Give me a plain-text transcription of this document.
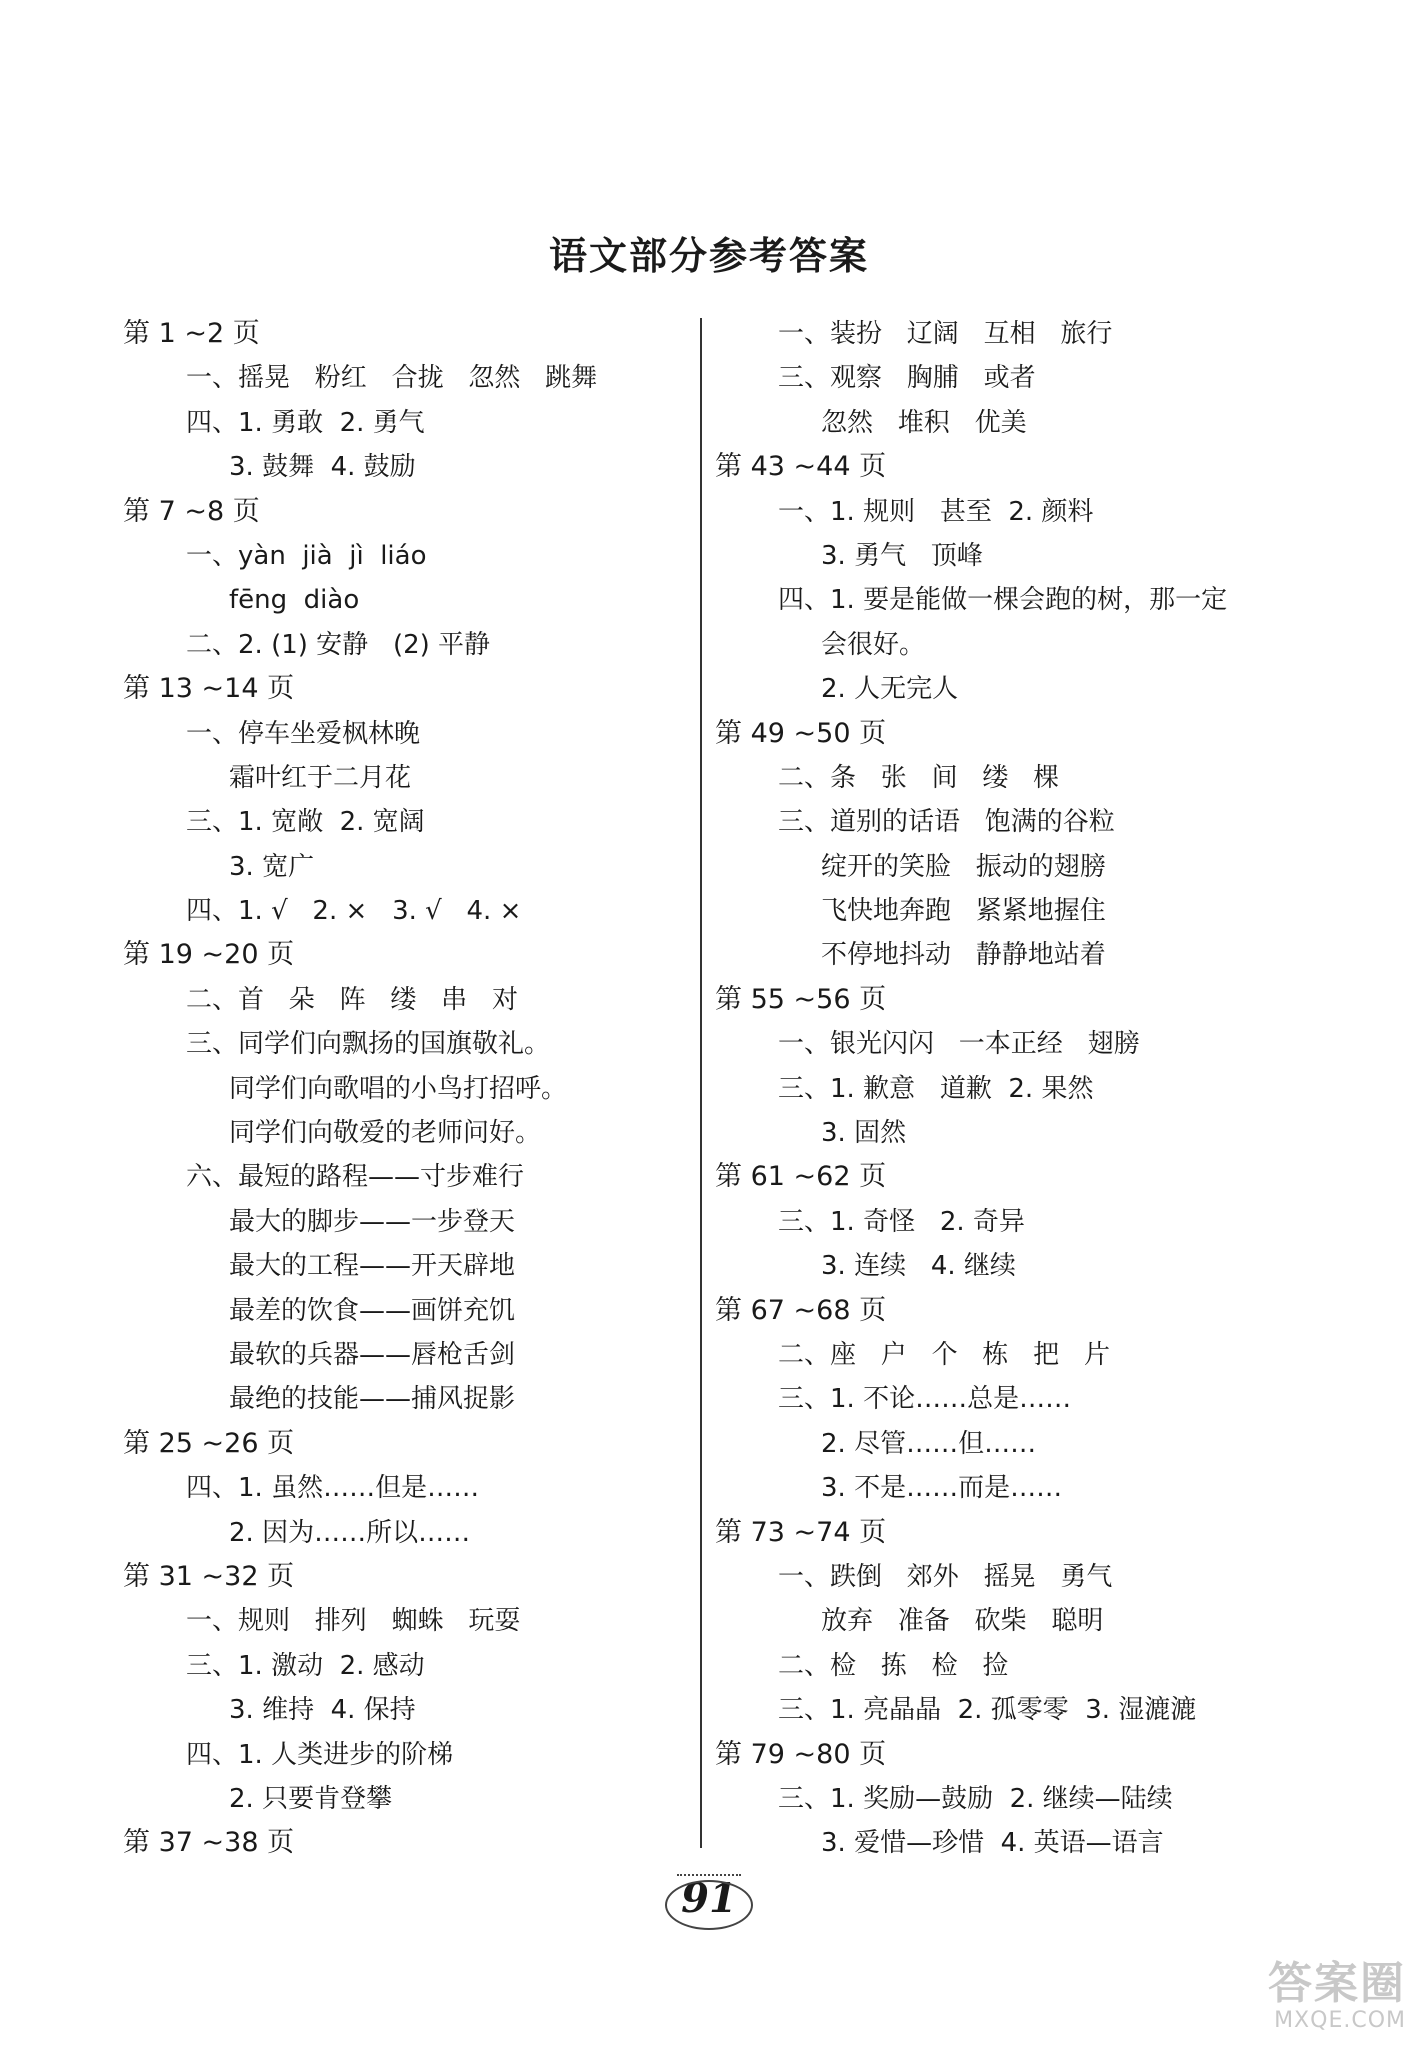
语文部分参考答案
第 1 ~2 页
一、摇晃   粉红   合拢   忽然   跳舞
四、1. 勇敢  2. 勇气
3. 鼓舞  4. 鼓励
第 7 ~8 页
一、yàn  jià  jì  liáo
fēng  diào
二、2. (1) 安静   (2) 平静
第 13 ~14 页
一、停车坐爱枫林晚
霜叶红于二月花
三、1. 宽敞  2. 宽阔
3. 宽广
四、1. √   2. ×   3. √   4. ×
第 19 ~20 页
二、首   朵   阵   缕   串   对
三、同学们向飘扬的国旗敬礼。
同学们向歌唱的小鸟打招呼。
同学们向敬爱的老师问好。
六、最短的路程——寸步难行
最大的脚步——一步登天
最大的工程——开天辟地
最差的饮食——画饼充饥
最软的兵器——唇枪舌剑
最绝的技能——捕风捉影
第 25 ~26 页
四、1. 虽然……但是……
2. 因为……所以……
第 31 ~32 页
一、规则   排列   蜘蛛   玩耍
三、1. 激动  2. 感动
3. 维持  4. 保持
四、1. 人类进步的阶梯
2. 只要肯登攀
第 37 ~38 页
一、装扮   辽阔   互相   旅行
三、观察   胸脯   或者
忽然   堆积   优美
第 43 ~44 页
一、1. 规则   甚至  2. 颜料
3. 勇气   顶峰
四、1. 要是能做一棵会跑的树，那一定
会很好。
2. 人无完人
第 49 ~50 页
二、条   张   间   缕   棵
三、道别的话语   饱满的谷粒
绽开的笑脸   振动的翅膀
飞快地奔跑   紧紧地握住
不停地抖动   静静地站着
第 55 ~56 页
一、银光闪闪   一本正经   翅膀
三、1. 歉意   道歉  2. 果然
3. 固然
第 61 ~62 页
三、1. 奇怪   2. 奇异
3. 连续   4. 继续
第 67 ~68 页
二、座   户   个   栋   把   片
三、1. 不论……总是……
2. 尽管……但……
3. 不是……而是……
第 73 ~74 页
一、跌倒   郊外   摇晃   勇气
放弃   准备   砍柴   聪明
二、检   拣   检   捡
三、1. 亮晶晶  2. 孤零零  3. 湿漉漉
第 79 ~80 页
三、1. 奖励—鼓励  2. 继续—陆续
3. 爱惜—珍惜  4. 英语—语言
91
答案圈
MXQE.COM
